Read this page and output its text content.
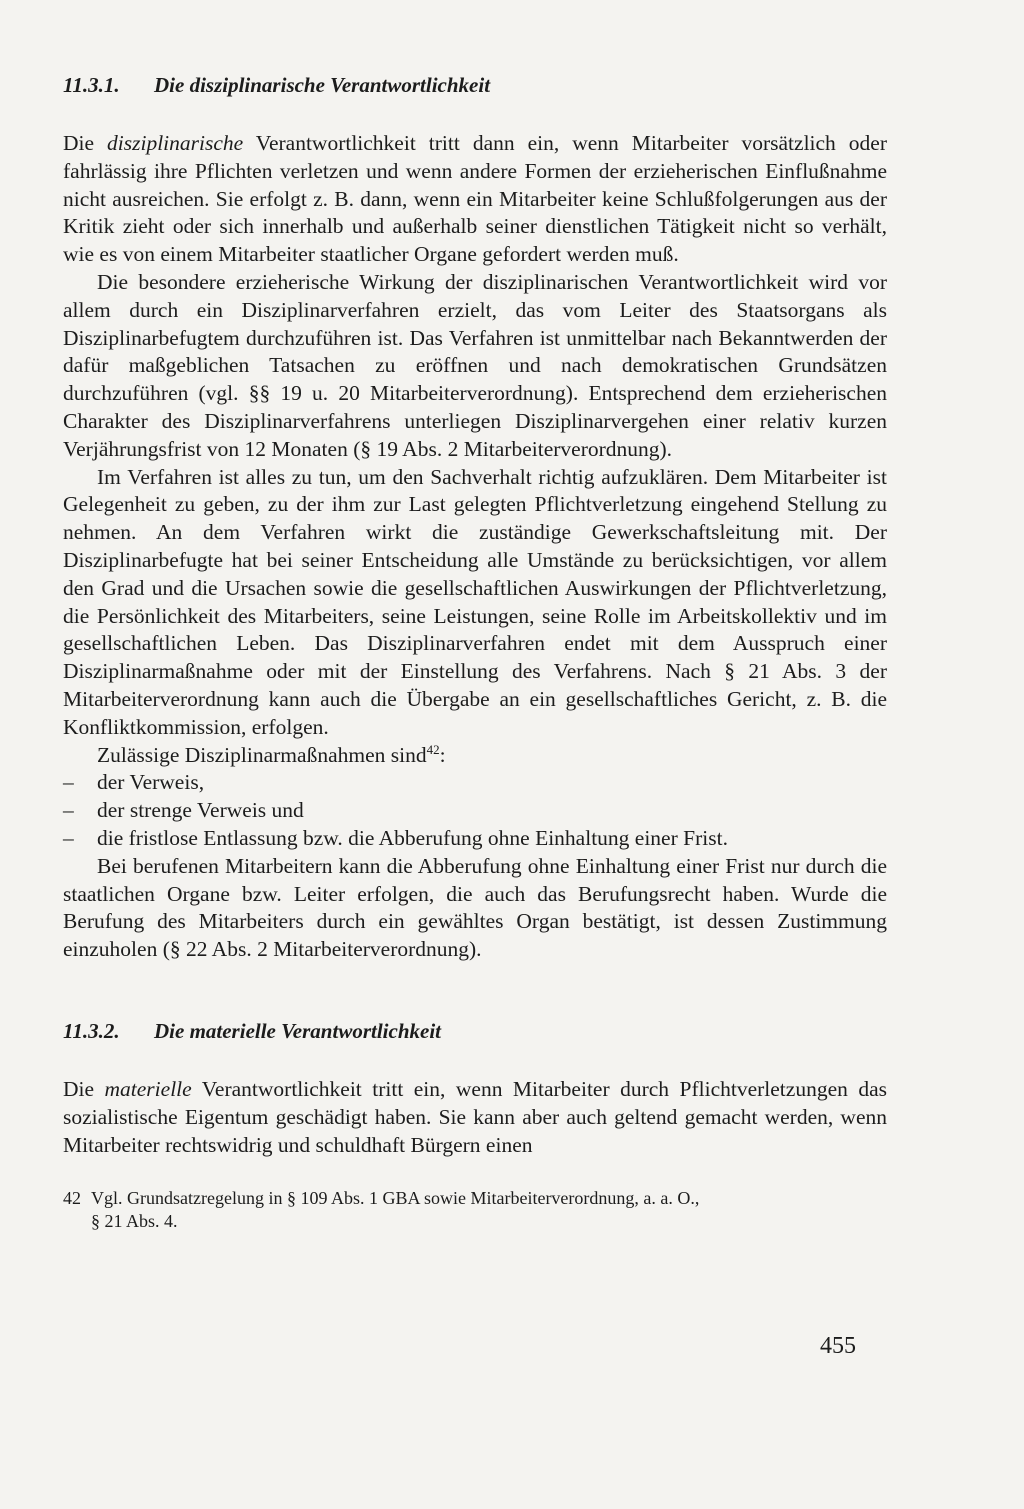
11.3.1. Die disziplinarische Verantwortlichkeit

Die disziplinarische Verantwortlichkeit tritt dann ein, wenn Mitarbeiter vorsätzlich oder fahrlässig ihre Pflichten verletzen und wenn andere Formen der erzieherischen Einflußnahme nicht ausreichen. Sie erfolgt z. B. dann, wenn ein Mitarbeiter keine Schlußfolgerungen aus der Kritik zieht oder sich innerhalb und außerhalb seiner dienstlichen Tätigkeit nicht so verhält, wie es von einem Mitarbeiter staatlicher Organe gefordert werden muß.

Die besondere erzieherische Wirkung der disziplinarischen Verantwortlichkeit wird vor allem durch ein Disziplinarverfahren erzielt, das vom Leiter des Staatsorgans als Disziplinarbefugtem durchzuführen ist. Das Verfahren ist unmittelbar nach Bekanntwerden der dafür maßgeblichen Tatsachen zu eröffnen und nach demokratischen Grundsätzen durchzuführen (vgl. §§ 19 u. 20 Mitarbeiterverordnung). Entsprechend dem erzieherischen Charakter des Disziplinarverfahrens unterliegen Disziplinarvergehen einer relativ kurzen Verjährungsfrist von 12 Monaten (§ 19 Abs. 2 Mitarbeiterverordnung).

Im Verfahren ist alles zu tun, um den Sachverhalt richtig aufzuklären. Dem Mitarbeiter ist Gelegenheit zu geben, zu der ihm zur Last gelegten Pflichtverletzung eingehend Stellung zu nehmen. An dem Verfahren wirkt die zuständige Gewerkschaftsleitung mit. Der Disziplinarbefugte hat bei seiner Entscheidung alle Umstände zu berücksichtigen, vor allem den Grad und die Ursachen sowie die gesellschaftlichen Auswirkungen der Pflichtverletzung, die Persönlichkeit des Mitarbeiters, seine Leistungen, seine Rolle im Arbeitskollektiv und im gesellschaftlichen Leben. Das Disziplinarverfahren endet mit dem Ausspruch einer Disziplinarmaßnahme oder mit der Einstellung des Verfahrens. Nach § 21 Abs. 3 der Mitarbeiterverordnung kann auch die Übergabe an ein gesellschaftliches Gericht, z. B. die Konfliktkommission, erfolgen.

Zulässige Disziplinarmaßnahmen sind$^{42}$:

– der Verweis,
– der strenge Verweis und
– die fristlose Entlassung bzw. die Abberufung ohne Einhaltung einer Frist.

Bei berufenen Mitarbeitern kann die Abberufung ohne Einhaltung einer Frist nur durch die staatlichen Organe bzw. Leiter erfolgen, die auch das Berufungsrecht haben. Wurde die Berufung des Mitarbeiters durch ein gewähltes Organ bestätigt, ist dessen Zustimmung einzuholen (§ 22 Abs. 2 Mitarbeiterverordnung).

11.3.2. Die materielle Verantwortlichkeit

Die materielle Verantwortlichkeit tritt ein, wenn Mitarbeiter durch Pflichtverletzungen das sozialistische Eigentum geschädigt haben. Sie kann aber auch geltend gemacht werden, wenn Mitarbeiter rechtswidrig und schuldhaft Bürgern einen

42 Vgl. Grundsatzregelung in § 109 Abs. 1 GBA sowie Mitarbeiterverordnung, a. a. O.,
§ 21 Abs. 4.
455
